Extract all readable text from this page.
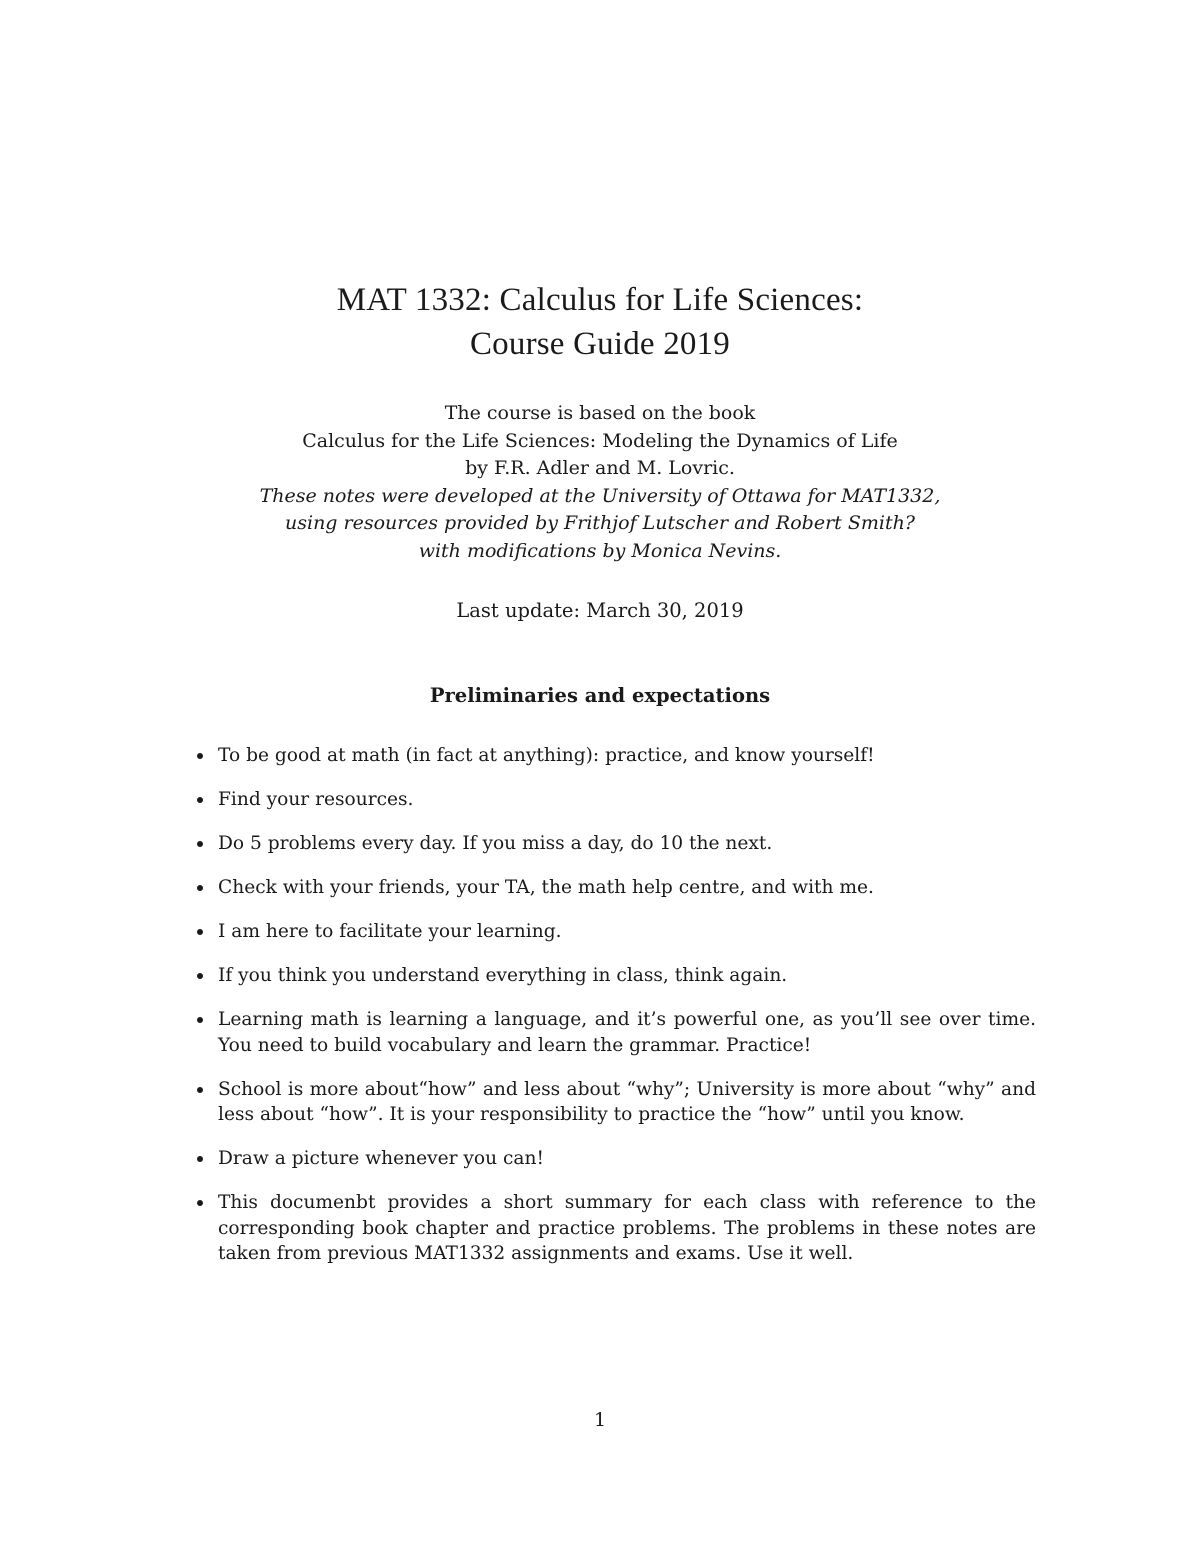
MAT 1332: Calculus for Life Sciences:
Course Guide 2019
The course is based on the book
Calculus for the Life Sciences: Modeling the Dynamics of Life
by F.R. Adler and M. Lovric.
These notes were developed at the University of Ottawa for MAT1332,
using resources provided by Frithjof Lutscher and Robert Smith?
with modifications by Monica Nevins.
Last update: March 30, 2019
Preliminaries and expectations
To be good at math (in fact at anything): practice, and know yourself!
Find your resources.
Do 5 problems every day. If you miss a day, do 10 the next.
Check with your friends, your TA, the math help centre, and with me.
I am here to facilitate your learning.
If you think you understand everything in class, think again.
Learning math is learning a language, and it’s powerful one, as you’ll see over time. You need to build vocabulary and learn the grammar. Practice!
School is more about“how” and less about “why”; University is more about “why” and less about “how”. It is your responsibility to practice the “how” until you know.
Draw a picture whenever you can!
This documenbt provides a short summary for each class with reference to the corresponding book chapter and practice problems. The problems in these notes are taken from previous MAT1332 assignments and exams. Use it well.
1
